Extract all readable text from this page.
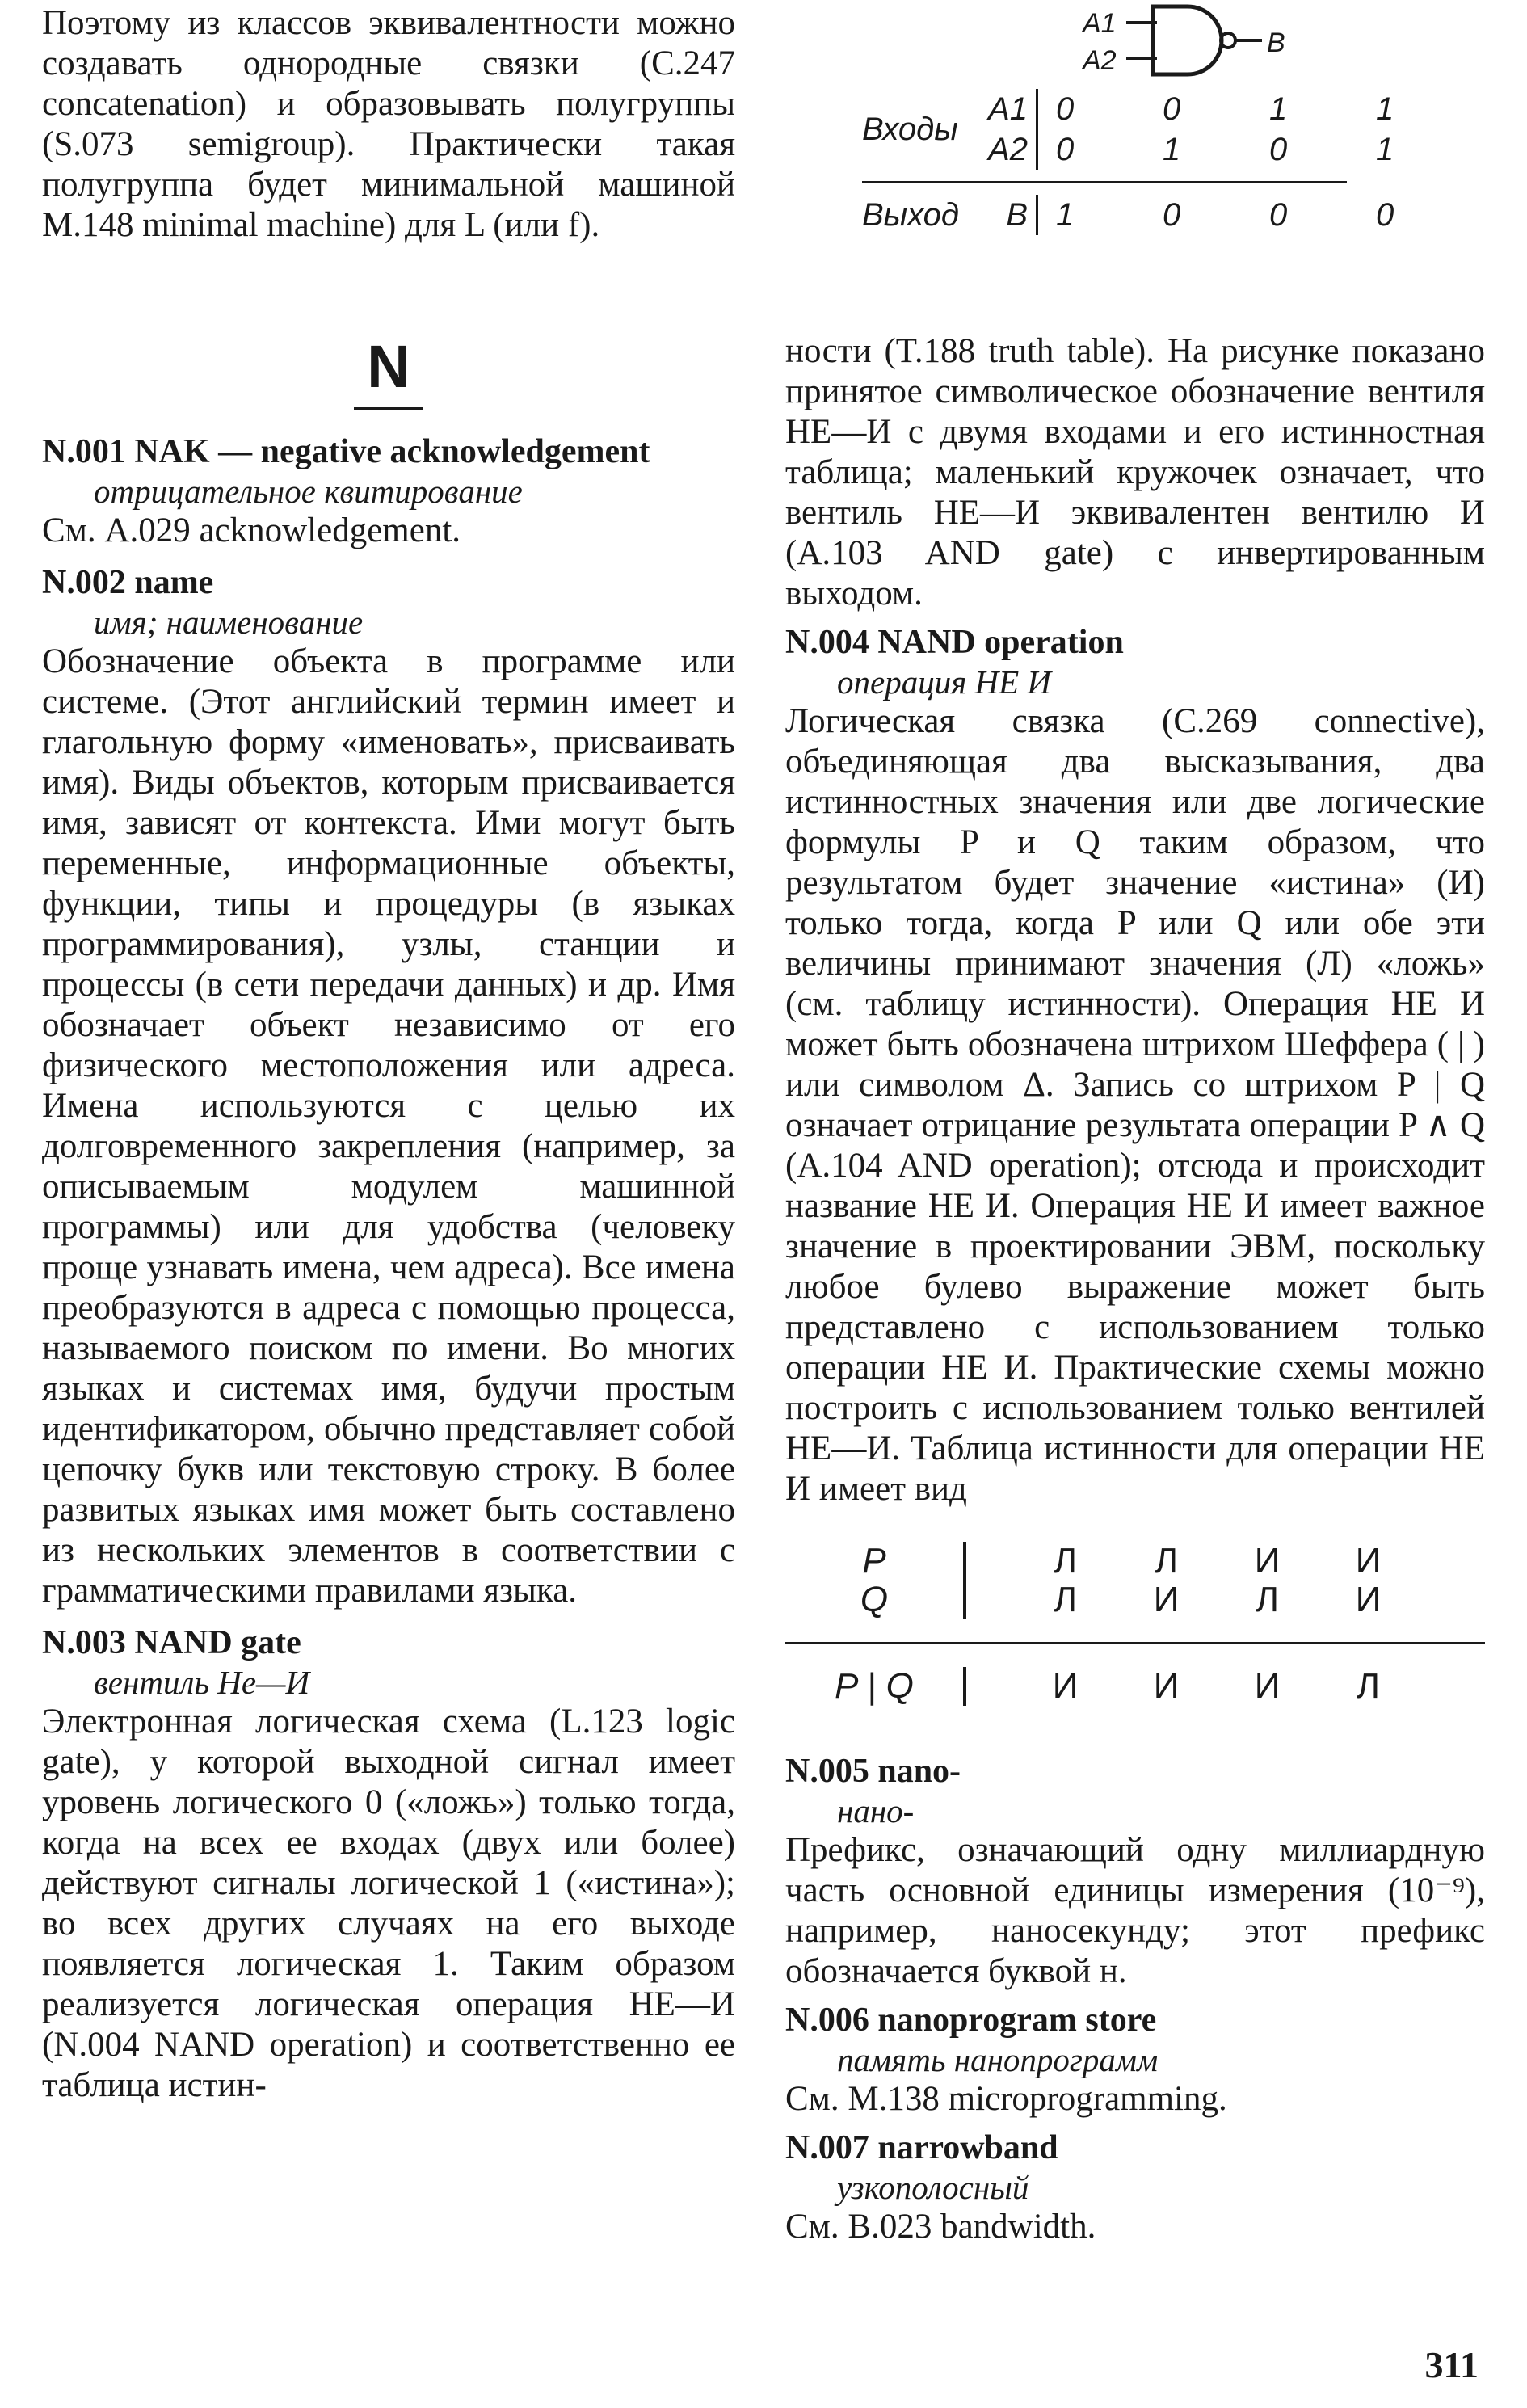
Поэтому из классов эквивалентности можно создавать однородные связки (C.247 concatenation) и образовывать полугруппы (S.073 semigroup). Практически такая полугруппа будет минимальной машиной M.148 minimal machine) для L (или f).

N

N.001 NAK — negative acknowledgement

отрицательное квитирование

См. A.029 acknowledgement.

N.002 name

имя; наименование

Обозначение объекта в программе или системе. (Этот английский термин имеет и глагольную форму «именовать», присваивать имя). Виды объектов, которым присваивается имя, зависят от контекста. Ими могут быть переменные, информационные объекты, функции, типы и процедуры (в языках программирования), узлы, станции и процессы (в сети передачи данных) и др. Имя обозначает объект независимо от его физического местоположения или адреса. Имена используются с целью их долговременного закрепления (например, за описываемым модулем машинной программы) или для удобства (человеку проще узнавать имена, чем адреса). Все имена преобразуются в адреса с помощью процесса, называемого поиском по имени. Во многих языках и системах имя, будучи простым идентификатором, обычно представляет собой цепочку букв или текстовую строку. В более развитых языках имя может быть составлено из нескольких элементов в соответствии с грамматическими правилами языка.

N.003 NAND gate

вентиль Не—И

Электронная логическая схема (L.123 logic gate), у которой выходной сигнал имеет уровень логического 0 («ложь») только тогда, когда на всех ее входах (двух или более) действуют сигналы логической 1 («истина»); во всех других случаях на его выходе появляется логическая 1. Таким образом реализуется логическая операция НЕ—И (N.004 NAND operation) и соответственно ее таблица истин-

A1
A2
B
A1 0	0	1	1
Входы
A2 0	1	0	1
Выход	B 1	0	0	0

ности (T.188 truth table). На рисунке показано принятое символическое обозначение вентиля НЕ—И с двумя входами и его истинностная таблица; маленький кружочек означает, что вентиль НЕ—И эквивалентен вентилю И (A.103 AND gate) с инвертированным выходом.

N.004 NAND operation

операция НЕ И

Логическая связка (C.269 connective), объединяющая два высказывания, два истинностных значения или две логические формулы P и Q таким образом, что результатом будет значение «истина» (И) только тогда, когда P или Q или обе эти величины принимают значения (Л) «ложь» (см. таблицу истинности). Операция НЕ И может быть обозначена штрихом Шеффера ( | ) или символом Δ. Запись со штрихом P | Q означает отрицание результата операции P ∧ Q (A.104 AND operation); отсюда и происходит название НЕ И. Операция НЕ И имеет важное значение в проектировании ЭВМ, поскольку любое булево выражение может быть представлено с использованием только операции НЕ И. Практические схемы можно построить с использованием только вентилей НЕ—И. Таблица истинности для операции НЕ И имеет вид

P	Л	Л	И	И
Q	Л	И	Л	И
P | Q	И	И	И	Л

N.005 nano-

нано-

Префикс, означающий одну миллиардную часть основной единицы измерения (10⁻⁹), например, наносекунду; этот префикс обозначается буквой н.

N.006 nanoprogram store

память нанопрограмм

См. M.138 microprogramming.

N.007 narrowband

узкополосный

См. B.023 bandwidth.

311
